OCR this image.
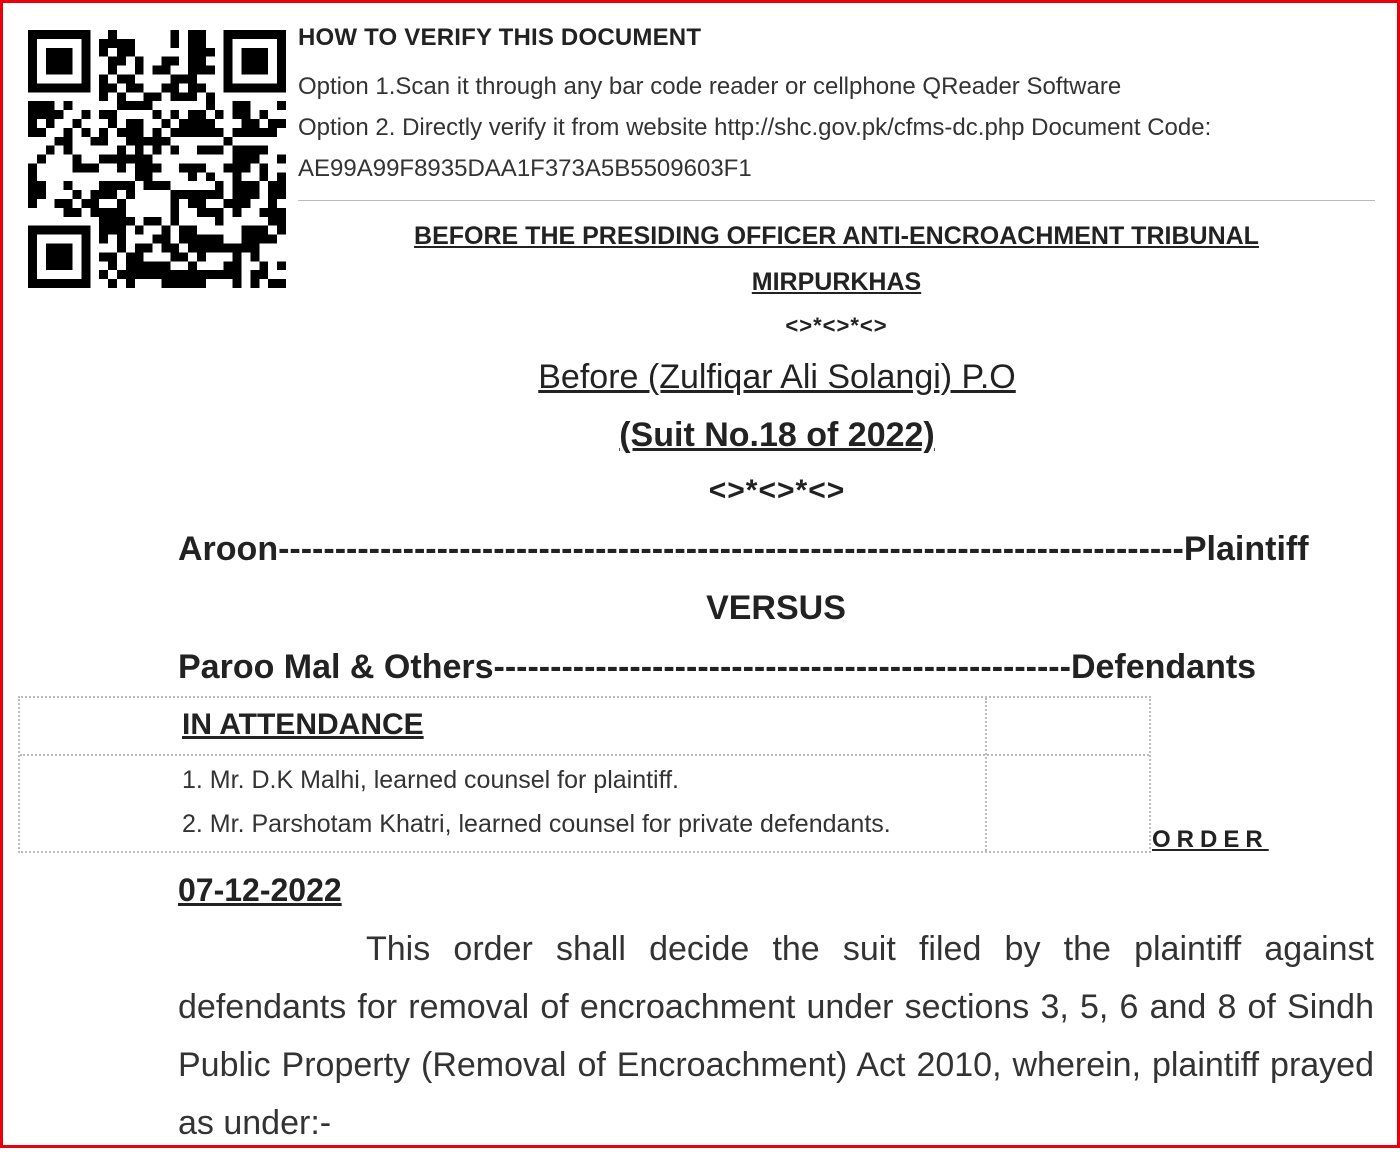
HOW TO VERIFY THIS DOCUMENT
Option 1.Scan it through any bar code reader or cellphone QReader Software
Option 2. Directly verify it from website http://shc.gov.pk/cfms-dc.php Document Code:
AE99A99F8935DAA1F373A5B5509603F1
BEFORE THE PRESIDING OFFICER ANTI-ENCROACHMENT TRIBUNAL
MIRPURKHAS
<>*<>*<>
Before (Zulfiqar Ali Solangi) P.O
(Suit No.18 of 2022)
<>*<>*<>
Aroon--------------------------------------------------------------------------------Plaintiff
VERSUS
Paroo Mal & Others---------------------------------------------------Defendants
IN ATTENDANCE
1. Mr. D.K Malhi, learned counsel for plaintiff.
2. Mr. Parshotam Khatri, learned counsel for private defendants.
ORDER
07-12-2022

This order shall decide the suit filed by the plaintiff against defendants for removal of encroachment under sections 3, 5, 6 and 8 of Sindh Public Property (Removal of Encroachment) Act 2010, wherein, plaintiff prayed as under:-
